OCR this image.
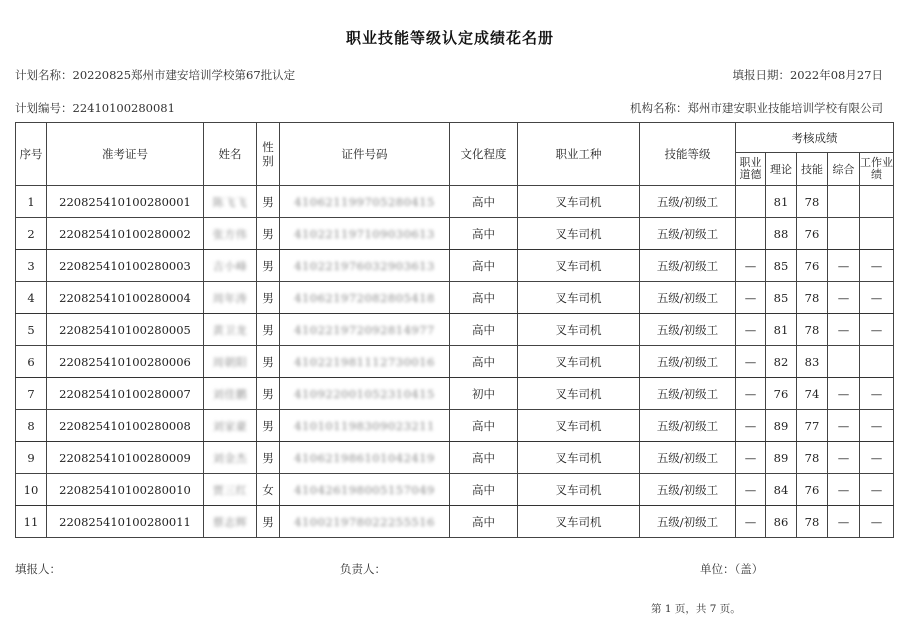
职业技能等级认定成绩花名册
计划名称：20220825郑州市建安培训学校第67批认定	填报日期：2022年08月27日
计划编号：22410100280081	机构名称：郑州市建安职业技能培训学校有限公司
序号	准考证号	姓名	性别	证件号码	文化程度	职业工种	技能等级	考核成绩				
								职业道德	理论	技能	综合	工作业绩
1	220825410100280001	陈飞飞	男	410621199705280415	高中	叉车司机	五级/初级工		81	78		
2	220825410100280002	张方伟	男	410221197109030613	高中	叉车司机	五级/初级工		88	76		
3	220825410100280003	吉小峰	男	410221976032903613	高中	叉车司机	五级/初级工	—	85	76	—	—
4	220825410100280004	周年涛	男	410621972082805418	高中	叉车司机	五级/初级工	—	85	78	—	—
5	220825410100280005	黄卫龙	男	410221972092814977	高中	叉车司机	五级/初级工	—	81	78	—	—
6	220825410100280006	周朝阳	男	410221981112730016	高中	叉车司机	五级/初级工	—	82	83		
7	220825410100280007	刘佳鹏	男	410922001052310415	初中	叉车司机	五级/初级工	—	76	74	—	—
8	220825410100280008	刘家豪	男	410101198309023211	高中	叉车司机	五级/初级工	—	89	77	—	—
9	220825410100280009	刘金杰	男	410621986101042419	高中	叉车司机	五级/初级工	—	89	78	—	—
10	220825410100280010	贾三红	女	410426198005157049	高中	叉车司机	五级/初级工	—	84	76	—	—
11	220825410100280011	蔡志辉	男	410021978022255516	高中	叉车司机	五级/初级工	—	86	78	—	—
填报人：	负责人：	单位：（盖）
第 1 页，共 7 页。
